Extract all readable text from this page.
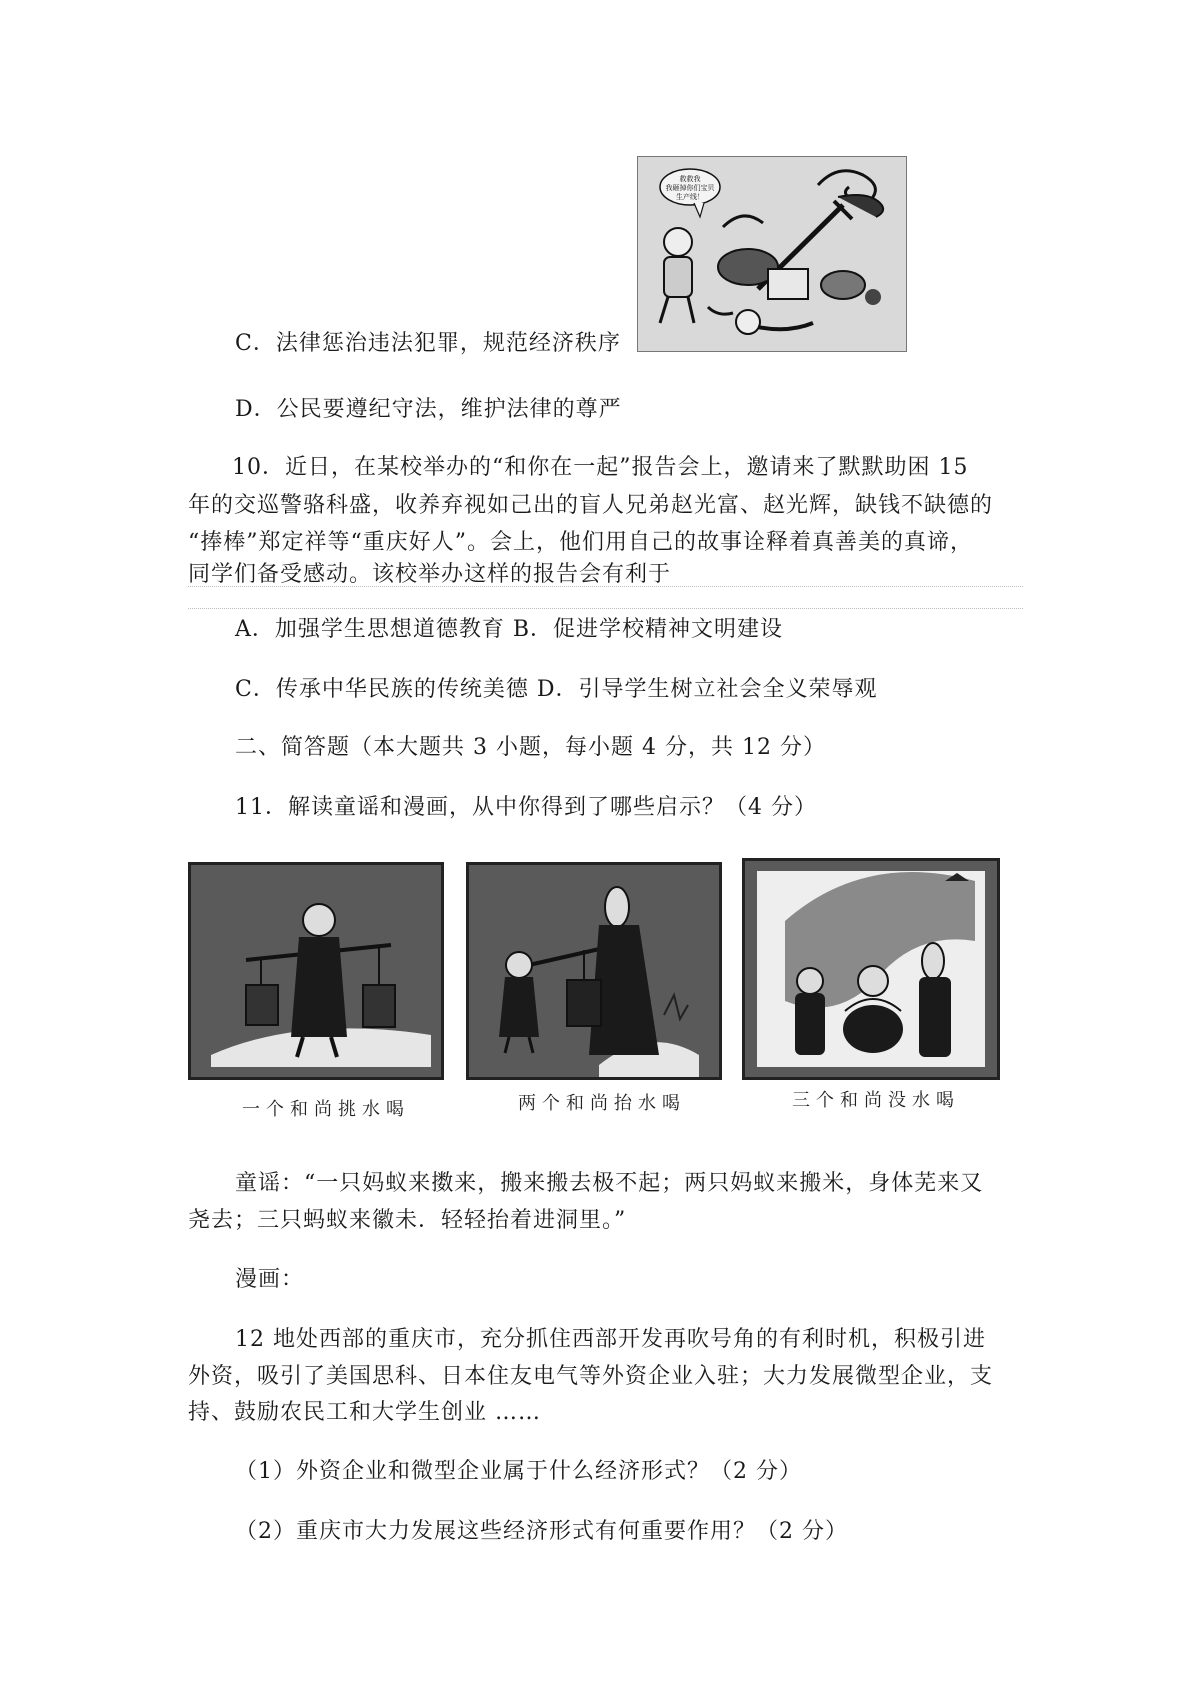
救救我
我砸掉你们宝贝
生产线！
C．法律惩治违法犯罪，规范经济秩序
D．公民要遵纪守法，维护法律的尊严
10．近日，在某校举办的“和你在一起”报告会上，邀请来了默默助困 15
年的交巡警骆科盛，收养弃视如己出的盲人兄弟赵光富、赵光辉，缺钱不缺德的
“捧棒”郑定祥等“重庆好人”。会上，他们用自己的故事诠释着真善美的真谛，
同学们备受感动。该校举办这样的报告会有利于
A．加强学生思想道德教育 B．促进学校精神文明建设
C．传承中华民族的传统美德 D．引导学生树立社会全义荣辱观
二、简答题（本大题共 3 小题，每小题 4 分，共 12 分）
11．解读童谣和漫画，从中你得到了哪些启示？（4 分）
一个和尚挑水喝	两个和尚抬水喝	三个和尚没水喝
童谣：“一只妈蚁来擞来，搬来搬去极不起；两只妈蚁来搬米，身体芜来又
尧去；三只蚂蚁来徽未．轻轻抬着进洞里。”
漫画：
12 地处西部的重庆市，充分抓住西部开发再吹号角的有利时机，积极引进
外资，吸引了美国思科、日本住友电气等外资企业入驻；大力发展微型企业，支
持、鼓励农民工和大学生创业 ……
（1）外资企业和微型企业属于什么经济形式？（2 分）
（2）重庆市大力发展这些经济形式有何重要作用？（2 分）
